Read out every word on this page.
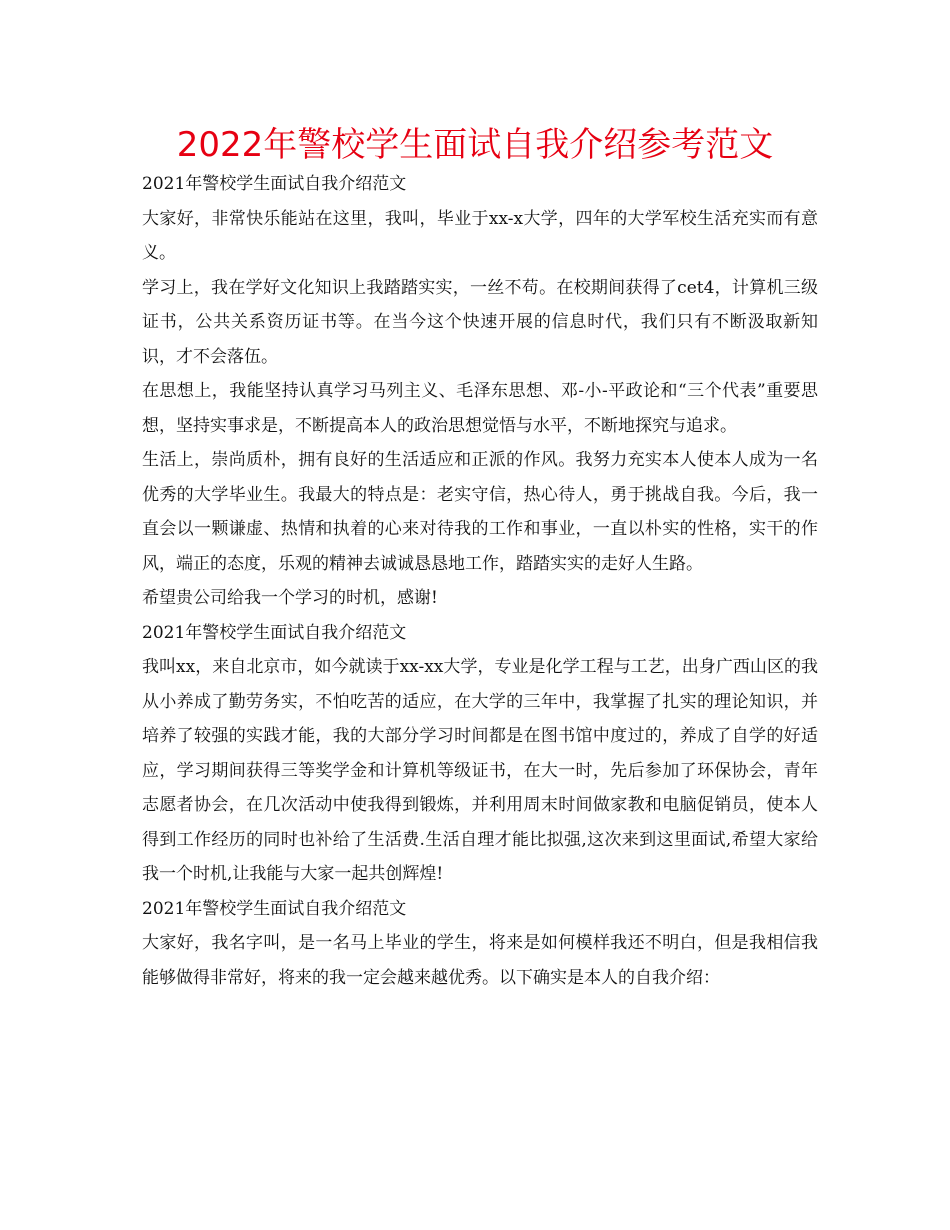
2022年警校学生面试自我介绍参考范文

2021年警校学生面试自我介绍范文

大家好，非常快乐能站在这里，我叫，毕业于xx-x大学，四年的大学军校生活充实而有意义。

学习上，我在学好文化知识上我踏踏实实，一丝不苟。在校期间获得了cet4，计算机三级证书，公共关系资历证书等。在当今这个快速开展的信息时代，我们只有不断汲取新知识，才不会落伍。

在思想上，我能坚持认真学习马列主义、毛泽东思想、邓-小-平政论和“三个代表”重要思想，坚持实事求是，不断提高本人的政治思想觉悟与水平，不断地探究与追求。

生活上，崇尚质朴，拥有良好的生活适应和正派的作风。我努力充实本人使本人成为一名优秀的大学毕业生。我最大的特点是：老实守信，热心待人，勇于挑战自我。今后，我一直会以一颗谦虚、热情和执着的心来对待我的工作和事业，一直以朴实的性格，实干的作风，端正的态度，乐观的精神去诚诚恳恳地工作，踏踏实实的走好人生路。

希望贵公司给我一个学习的时机，感谢!

2021年警校学生面试自我介绍范文

我叫xx，来自北京市，如今就读于xx-xx大学，专业是化学工程与工艺，出身广西山区的我从小养成了勤劳务实，不怕吃苦的适应，在大学的三年中，我掌握了扎实的理论知识，并培养了较强的实践才能，我的大部分学习时间都是在图书馆中度过的，养成了自学的好适应，学习期间获得三等奖学金和计算机等级证书，在大一时，先后参加了环保协会，青年志愿者协会，在几次活动中使我得到锻炼，并利用周末时间做家教和电脑促销员，使本人得到工作经历的同时也补给了生活费.生活自理才能比拟强,这次来到这里面试,希望大家给我一个时机,让我能与大家一起共创辉煌!

2021年警校学生面试自我介绍范文

大家好，我名字叫，是一名马上毕业的学生，将来是如何模样我还不明白，但是我相信我能够做得非常好，将来的我一定会越来越优秀。以下确实是本人的自我介绍：
